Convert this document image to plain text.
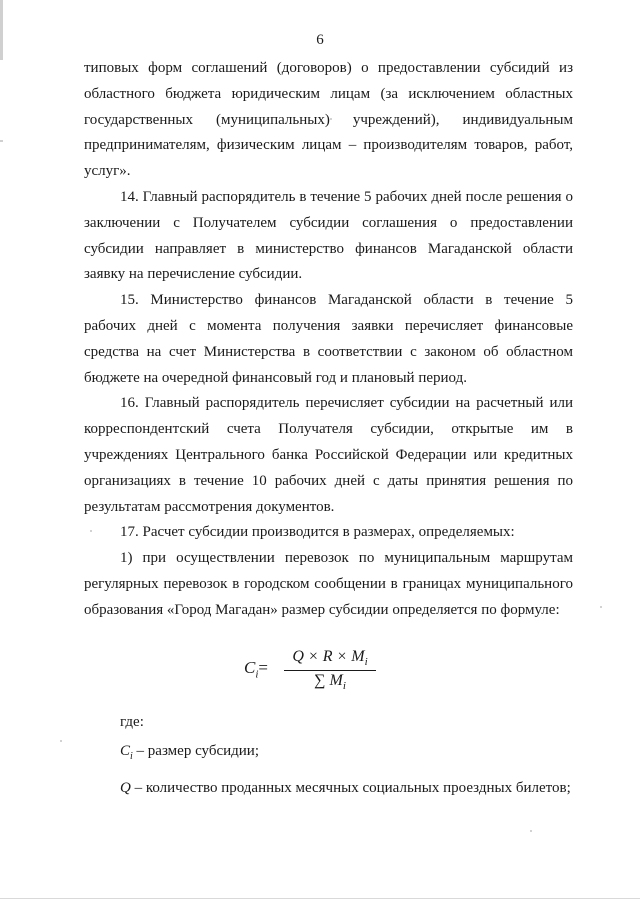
6

типовых форм соглашений (договоров) о предоставлении субсидий из областного бюджета юридическим лицам (за исключением областных государственных (муниципальных) учреждений), индивидуальным предпринимателям, физическим лицам – производителям товаров, работ, услуг».

14. Главный распорядитель в течение 5 рабочих дней после решения о заключении с Получателем субсидии соглашения о предоставлении субсидии направляет в министерство финансов Магаданской области заявку на перечисление субсидии.

15. Министерство финансов Магаданской области в течение 5 рабочих дней с момента получения заявки перечисляет финансовые средства на счет Министерства в соответствии с законом об областном бюджете на очередной финансовый год и плановый период.

16. Главный распорядитель перечисляет субсидии на расчетный или корреспондентский счета Получателя субсидии, открытые им в учреждениях Центрального банка Российской Федерации или кредитных организациях в течение 10 рабочих дней с даты принятия решения по результатам рассмотрения документов.

17. Расчет субсидии производится в размерах, определяемых:

1) при осуществлении перевозок по муниципальным маршрутам регулярных перевозок в городском сообщении в границах муниципального образования «Город Магадан» размер субсидии определяется по формуле:

$C_i= \frac{Q \times R \times M_i}{\sum M_i}$

где:

$C_i$ – размер субсидии;

Q – количество проданных месячных социальных проездных билетов;
